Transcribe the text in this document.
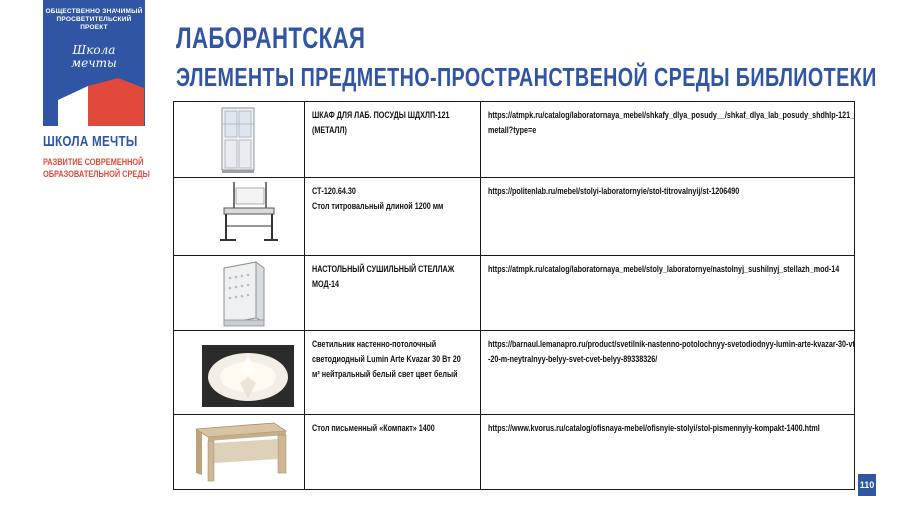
ОБЩЕСТВЕННО ЗНАЧИМЫЙ
ПРОСВЕТИТЕЛЬСКИЙ ПРОЕКТ
Школа
мечты
ШКОЛА МЕЧТЫ
РАЗВИТИЕ СОВРЕМЕННОЙ
ОБРАЗОВАТЕЛЬНОЙ СРЕДЫ
ЛАБОРАНТСКАЯ
ЭЛЕМЕНТЫ ПРЕДМЕТНО-ПРОСТРАНСТВЕНОЙ СРЕДЫ БИБЛИОТЕКИ
ШКАФ ДЛЯ ЛАБ. ПОСУДЫ ШДХЛП-121
(МЕТАЛЛ)
https://atmpk.ru/catalog/laboratornaya_mebel/shkafy_dlya_posudy__/shkaf_dlya_lab_posudy_shdhlp-121_metall?type=e
СТ-120.64.30
Стол титровальный длиной 1200 мм
https://politenlab.ru/mebel/stolyi-laboratornyie/stol-titrovalnyij/st-1206490
НАСТОЛЬНЫЙ СУШИЛЬНЫЙ СТЕЛЛАЖ
МОД-14
https://atmpk.ru/catalog/laboratornaya_mebel/stoly_laboratornye/nastolnyj_sushilnyj_stellazh_mod-14
Светильник настенно-потолочный
светодиодный Lumin Arte Kvazar 30 Вт 20
м² нейтральный белый свет цвет белый
https://barnaul.lemanapro.ru/product/svetilnik-nastenno-potolochnyy-svetodiodnyy-lumin-arte-kvazar-30-vt-20-m-neytralnyy-belyy-svet-cvet-belyy-89338326/
Стол письменный «Компакт» 1400	https://www.kvorus.ru/catalog/ofisnaya-mebel/ofisnyie-stolyi/stol-pismennyiy-kompakt-1400.html
110
